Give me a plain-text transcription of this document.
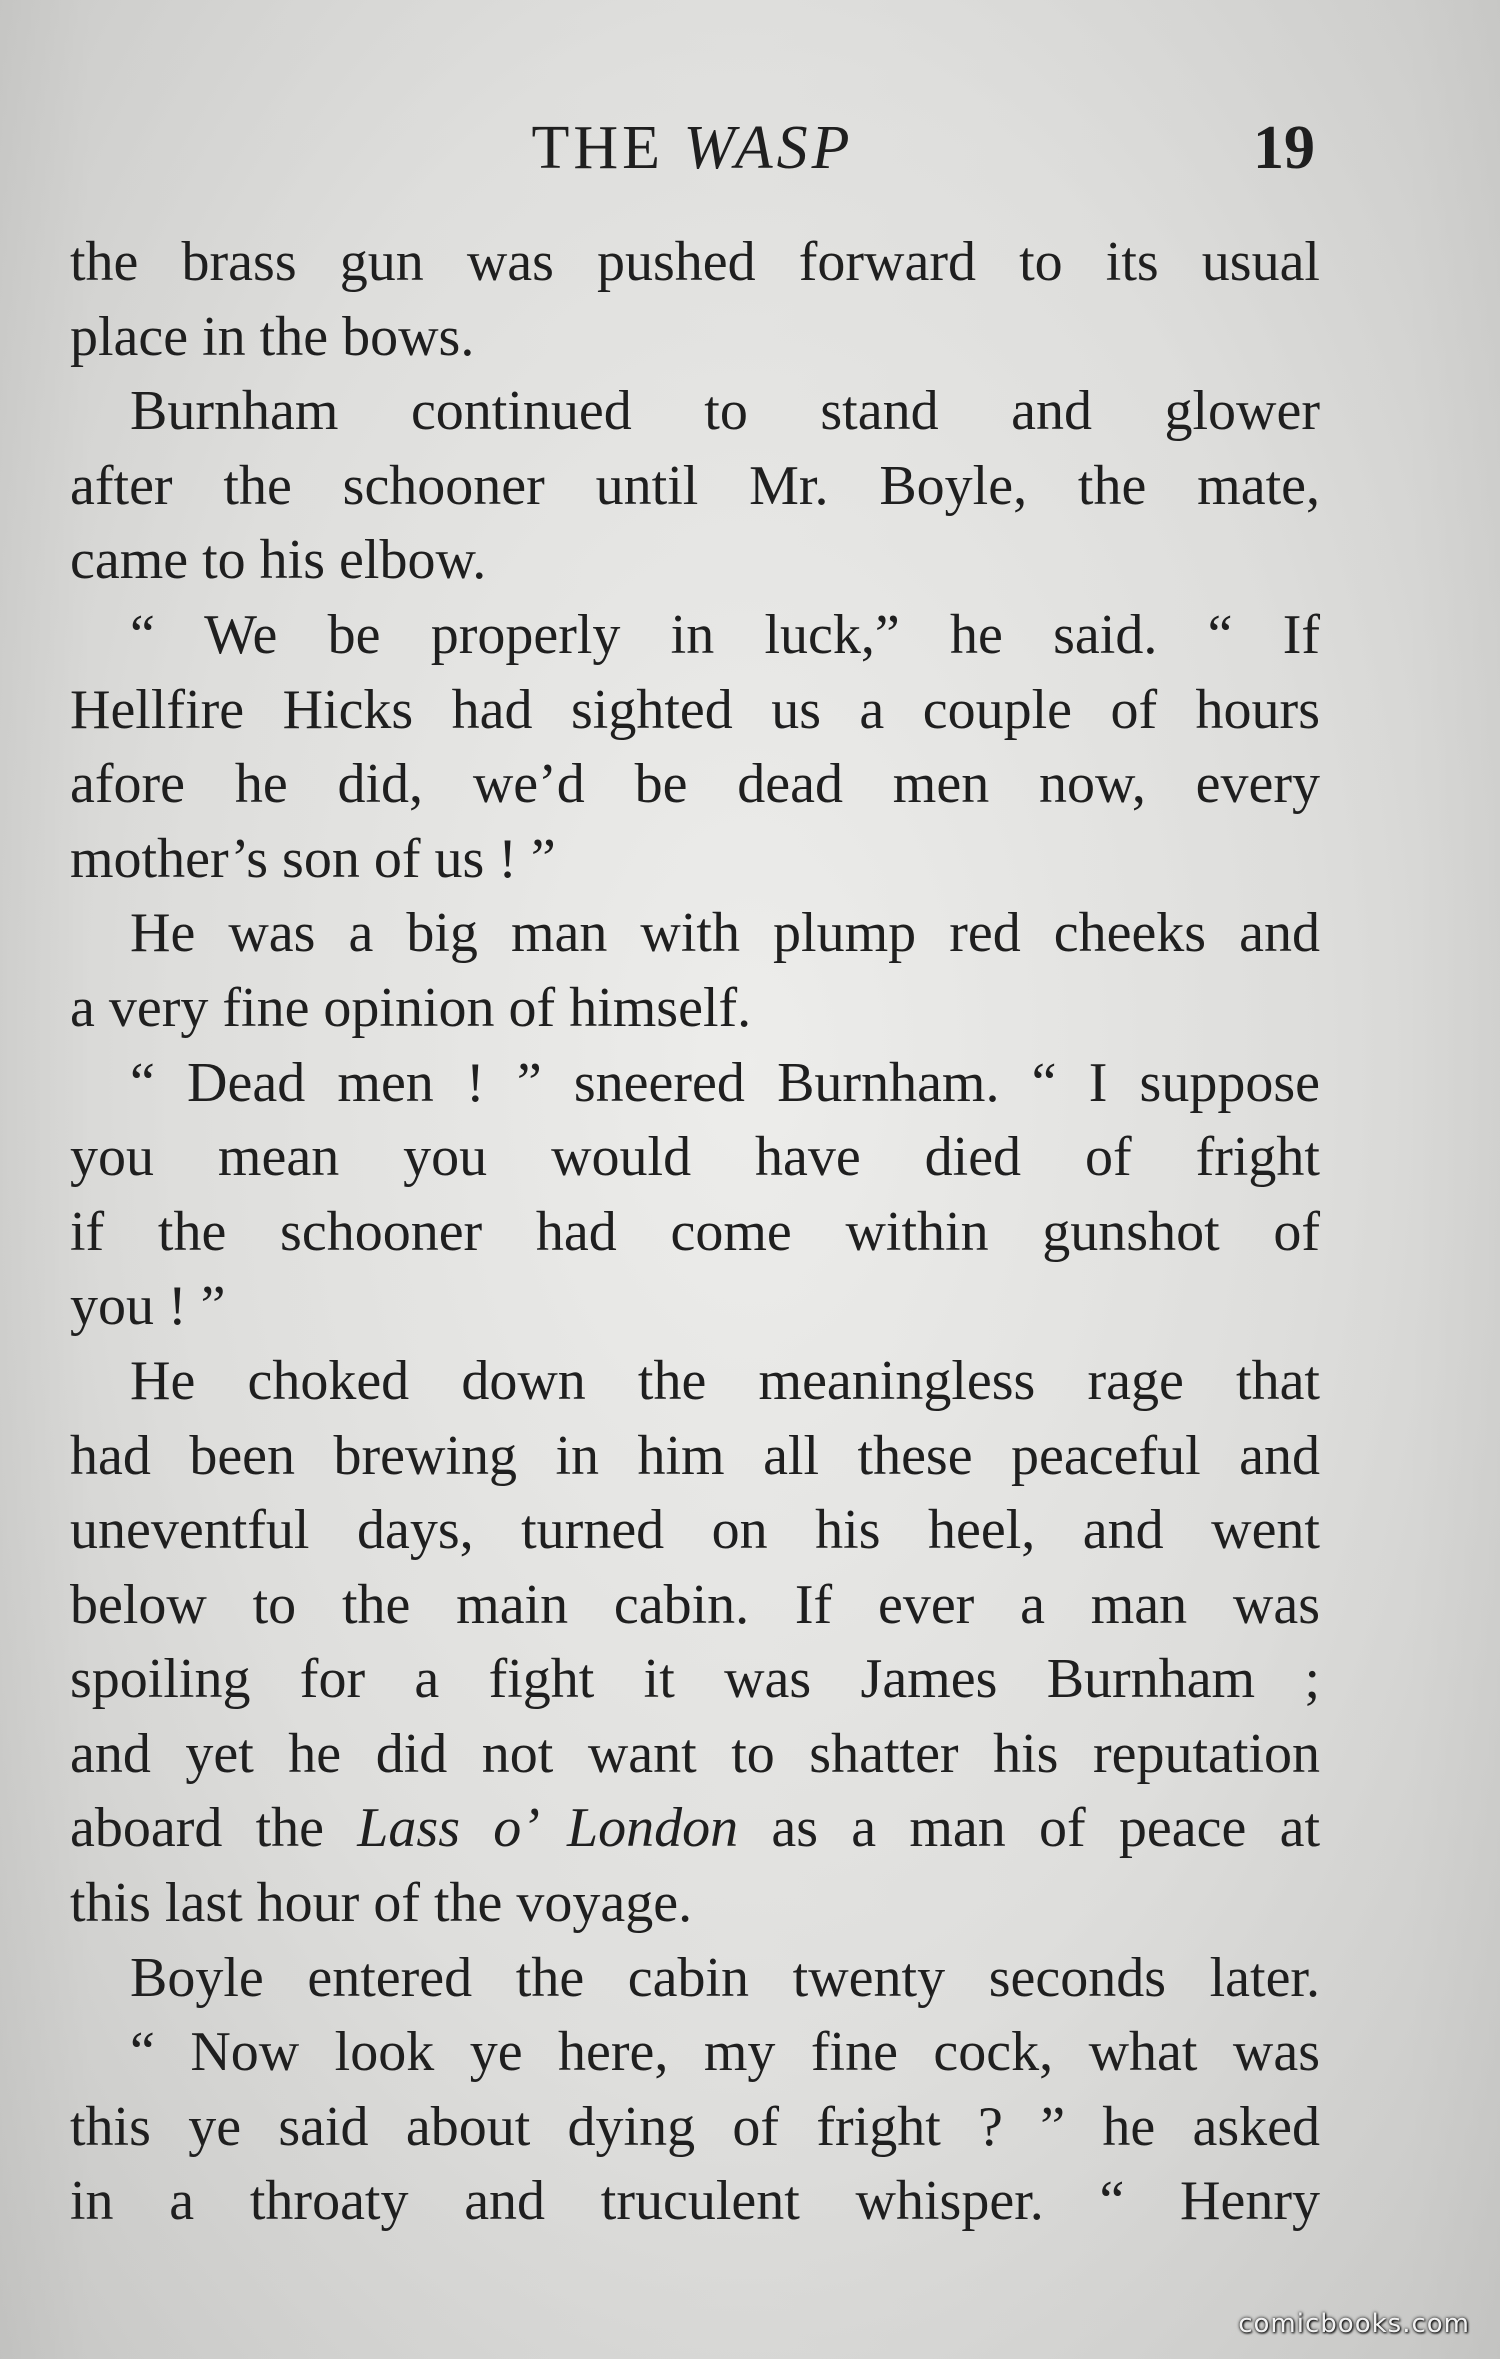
THE WASP	19
the brass gun was pushed forward to its usual
place in the bows.
Burnham continued to stand and glower
after the schooner until Mr. Boyle, the mate,
came to his elbow.
“ We be properly in luck,” he said. “ If
Hellfire Hicks had sighted us a couple of hours
afore he did, we’d be dead men now, every
mother’s son of us ! ”
He was a big man with plump red cheeks and
a very fine opinion of himself.
“ Dead men ! ” sneered Burnham. “ I suppose
you mean you would have died of fright
if the schooner had come within gunshot of
you ! ”
He choked down the meaningless rage that
had been brewing in him all these peaceful and
uneventful days, turned on his heel, and went
below to the main cabin. If ever a man was
spoiling for a fight it was James Burnham ;
and yet he did not want to shatter his reputation
aboard the Lass o’ London as a man of peace at
this last hour of the voyage.
Boyle entered the cabin twenty seconds later.
“ Now look ye here, my fine cock, what was
this ye said about dying of fright ? ” he asked
in a throaty and truculent whisper. “ Henry
comicbooks.com
